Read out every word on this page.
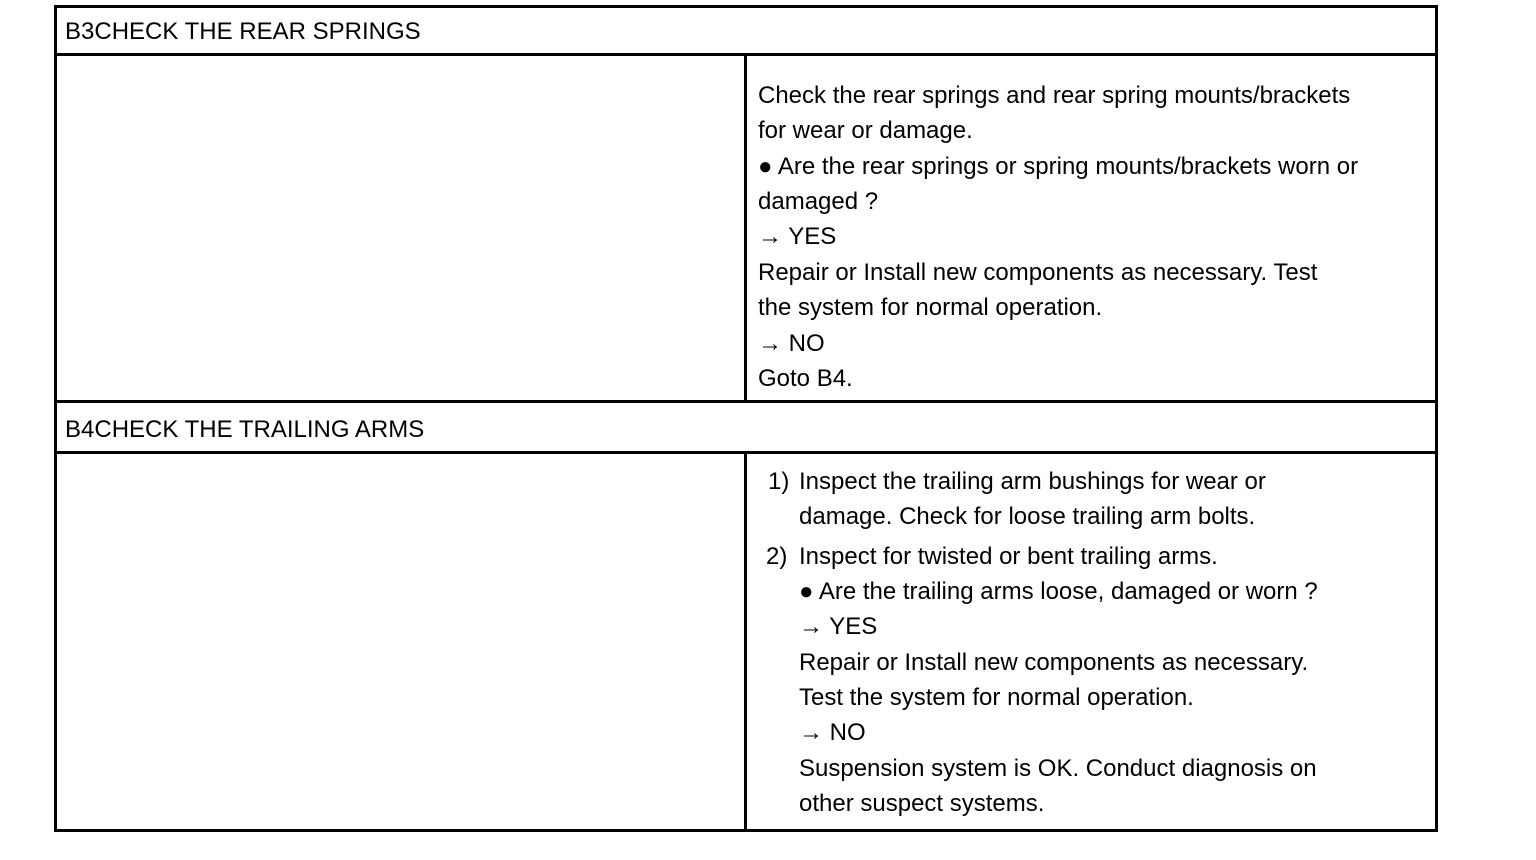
B3CHECK THE REAR SPRINGS
Check the rear springs and rear spring mounts/brackets
for wear or damage.
● Are the rear springs or spring mounts/brackets worn or
damaged ?
→ YES
Repair or Install new components as necessary. Test
the system for normal operation.
→ NO
Goto B4.
B4CHECK THE TRAILING ARMS
1) Inspect the trailing arm bushings for wear or
damage. Check for loose trailing arm bolts.
2) Inspect for twisted or bent trailing arms.
● Are the trailing arms loose, damaged or worn ?
→ YES
Repair or Install new components as necessary.
Test the system for normal operation.
→ NO
Suspension system is OK. Conduct diagnosis on
other suspect systems.
